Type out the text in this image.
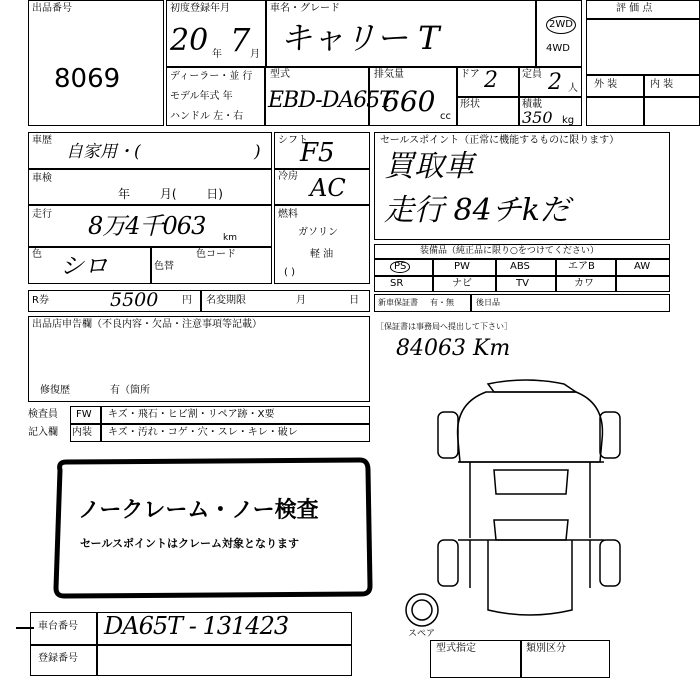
出品番号
8069
初度登録年月
20 年 7 月
車名・グレード
キャリー T	2WD
4WD
ディーラー・並 行
モデル年式 年
ハンドル 左・右
型式
EBD-DA65T
排気量
660 cc
ドア 2 定員 2 人
形状	積載
350 kg
評 価 点
外 装	内 装
車歴
自家用・(	)
車検
年 月( 日)
走行 8万4千063 km
色 シロ	色替
色コード
シフト
F5
冷房 AC
燃料
ガソリン
軽 油
( )
R券	5500 円 名変期限	月 日
セールスポイント（正常に機能するものに限ります）
買取車
走行 84チkだ
装備品（純正品に限り○をつけてください）
PS	PW	ABS	エアB	AW
SR	ナビ	TV	カワ
新車保証書 有・無	後日品
［保証書は事務局へ提出して下さい］
84063 Km
出品店申告欄（不良内容・欠品・注意事項等記載）
修復歴	有（箇所
検査員
記入欄
FW キズ・飛石・ヒビ割・リペア跡・X要
内装 キズ・汚れ・コゲ・穴・スレ・キレ・破レ
ノークレーム・ノー検査
セールスポイントはクレーム対象となります
スペア
車台番号 DA65T - 131423
登録番号
型式指定	類別区分
